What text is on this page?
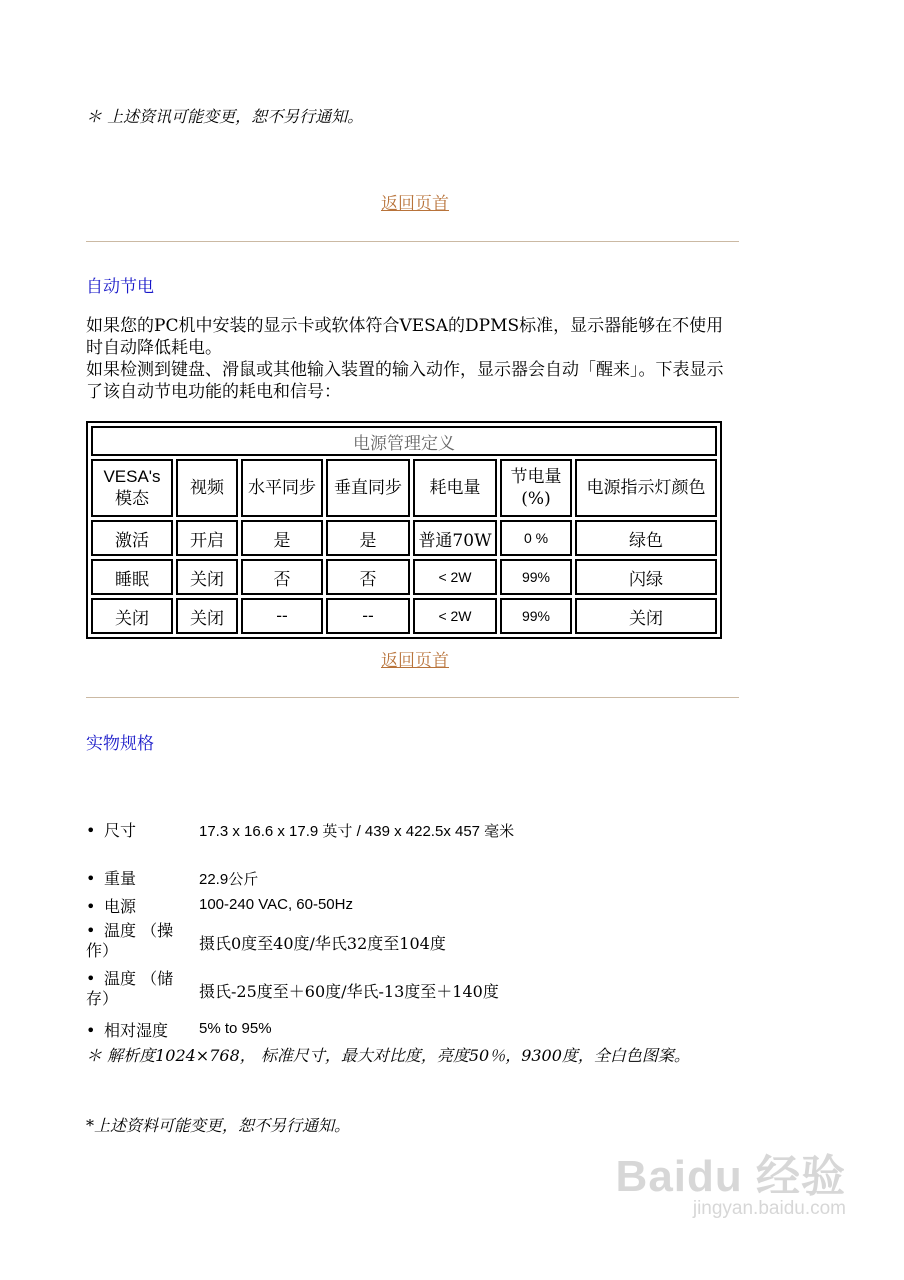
＊ 上述资讯可能变更，恕不另行通知。
返回页首
自动节电
如果您的PC机中安装的显示卡或软体符合VESA的DPMS标准，显示器能够在不使用时自动降低耗电。
如果检测到键盘、滑鼠或其他输入装置的输入动作，显示器会自动「醒来」。下表显示了该自动节电功能的耗电和信号：
电源管理定义						
VESA's 模态	视频	水平同步	垂直同步	耗电量	节电量 (%)	电源指示灯颜色
激活	开启	是	是	普通70W	0 %	绿色
睡眠	关闭	否	否	< 2W	99%	闪绿
关闭	关闭	--	--	< 2W	99%	关闭
返回页首
实物规格
• 尺寸	17.3 x 16.6 x 17.9 英寸 / 439 x 422.5x 457 毫米
• 重量	22.9公斤
• 电源	100-240 VAC, 60-50Hz
• 温度 （操作）	摄氏0度至40度/华氏32度至104度
• 温度 （储存）	摄氏-25度至＋60度/华氏-13度至＋140度
• 相对湿度 5% to 95%
＊ 解析度1024×768， 标准尺寸，最大对比度，亮度50％，9300度，全白色图案。
*上述资料可能变更，恕不另行通知。
Baidu 经验
jingyan.baidu.com
